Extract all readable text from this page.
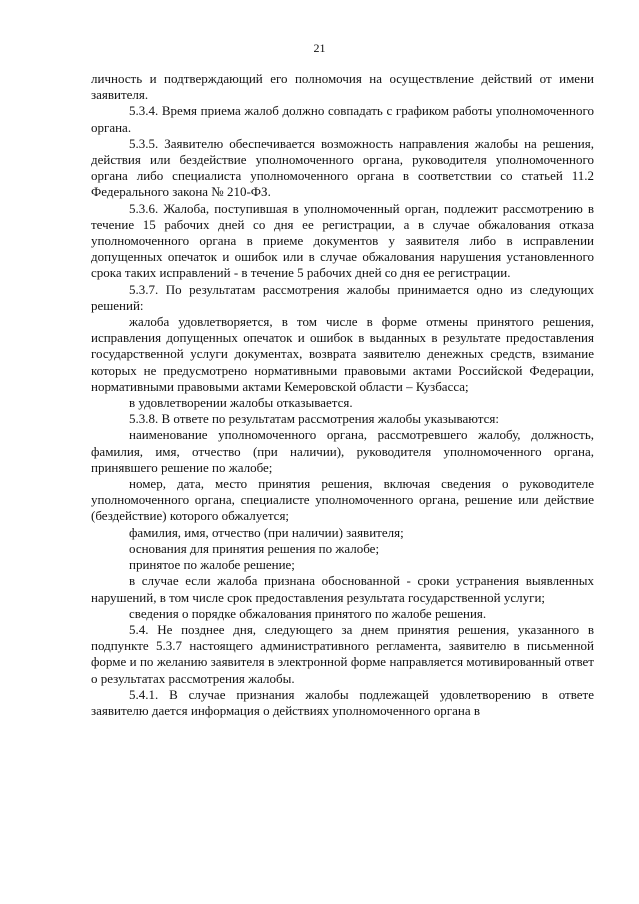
21

личность и подтверждающий его полномочия на осуществление действий от имени заявителя.

5.3.4. Время приема жалоб должно совпадать с графиком работы уполномоченного органа.

5.3.5. Заявителю обеспечивается возможность направления жалобы на решения, действия или бездействие уполномоченного органа, руководителя уполномоченного органа либо специалиста уполномоченного органа в соответствии со статьей 11.2 Федерального закона № 210-ФЗ.

5.3.6. Жалоба, поступившая в уполномоченный орган, подлежит рассмотрению в течение 15 рабочих дней со дня ее регистрации, а в случае обжалования отказа уполномоченного органа в приеме документов у заявителя либо в исправлении допущенных опечаток и ошибок или в случае обжалования нарушения установленного срока таких исправлений - в течение 5 рабочих дней со дня ее регистрации.

5.3.7. По результатам рассмотрения жалобы принимается одно из следующих решений:

жалоба удовлетворяется, в том числе в форме отмены принятого решения, исправления допущенных опечаток и ошибок в выданных в результате предоставления государственной услуги документах, возврата заявителю денежных средств, взимание которых не предусмотрено нормативными правовыми актами Российской Федерации, нормативными правовыми актами Кемеровской области – Кузбасса;

в удовлетворении жалобы отказывается.

5.3.8. В ответе по результатам рассмотрения жалобы указываются:

наименование уполномоченного органа, рассмотревшего жалобу, должность, фамилия, имя, отчество (при наличии), руководителя уполномоченного органа, принявшего решение по жалобе;

номер, дата, место принятия решения, включая сведения о руководителе уполномоченного органа, специалисте уполномоченного органа, решение или действие (бездействие) которого обжалуется;

фамилия, имя, отчество (при наличии) заявителя;

основания для принятия решения по жалобе;

принятое по жалобе решение;

в случае если жалоба признана обоснованной - сроки устранения выявленных нарушений, в том числе срок предоставления результата государственной услуги;

сведения о порядке обжалования принятого по жалобе решения.

5.4. Не позднее дня, следующего за днем принятия решения, указанного в подпункте 5.3.7 настоящего административного регламента, заявителю в письменной форме и по желанию заявителя в электронной форме направляется мотивированный ответ о результатах рассмотрения жалобы.

5.4.1. В случае признания жалобы подлежащей удовлетворению в ответе заявителю дается информация о действиях уполномоченного органа в
